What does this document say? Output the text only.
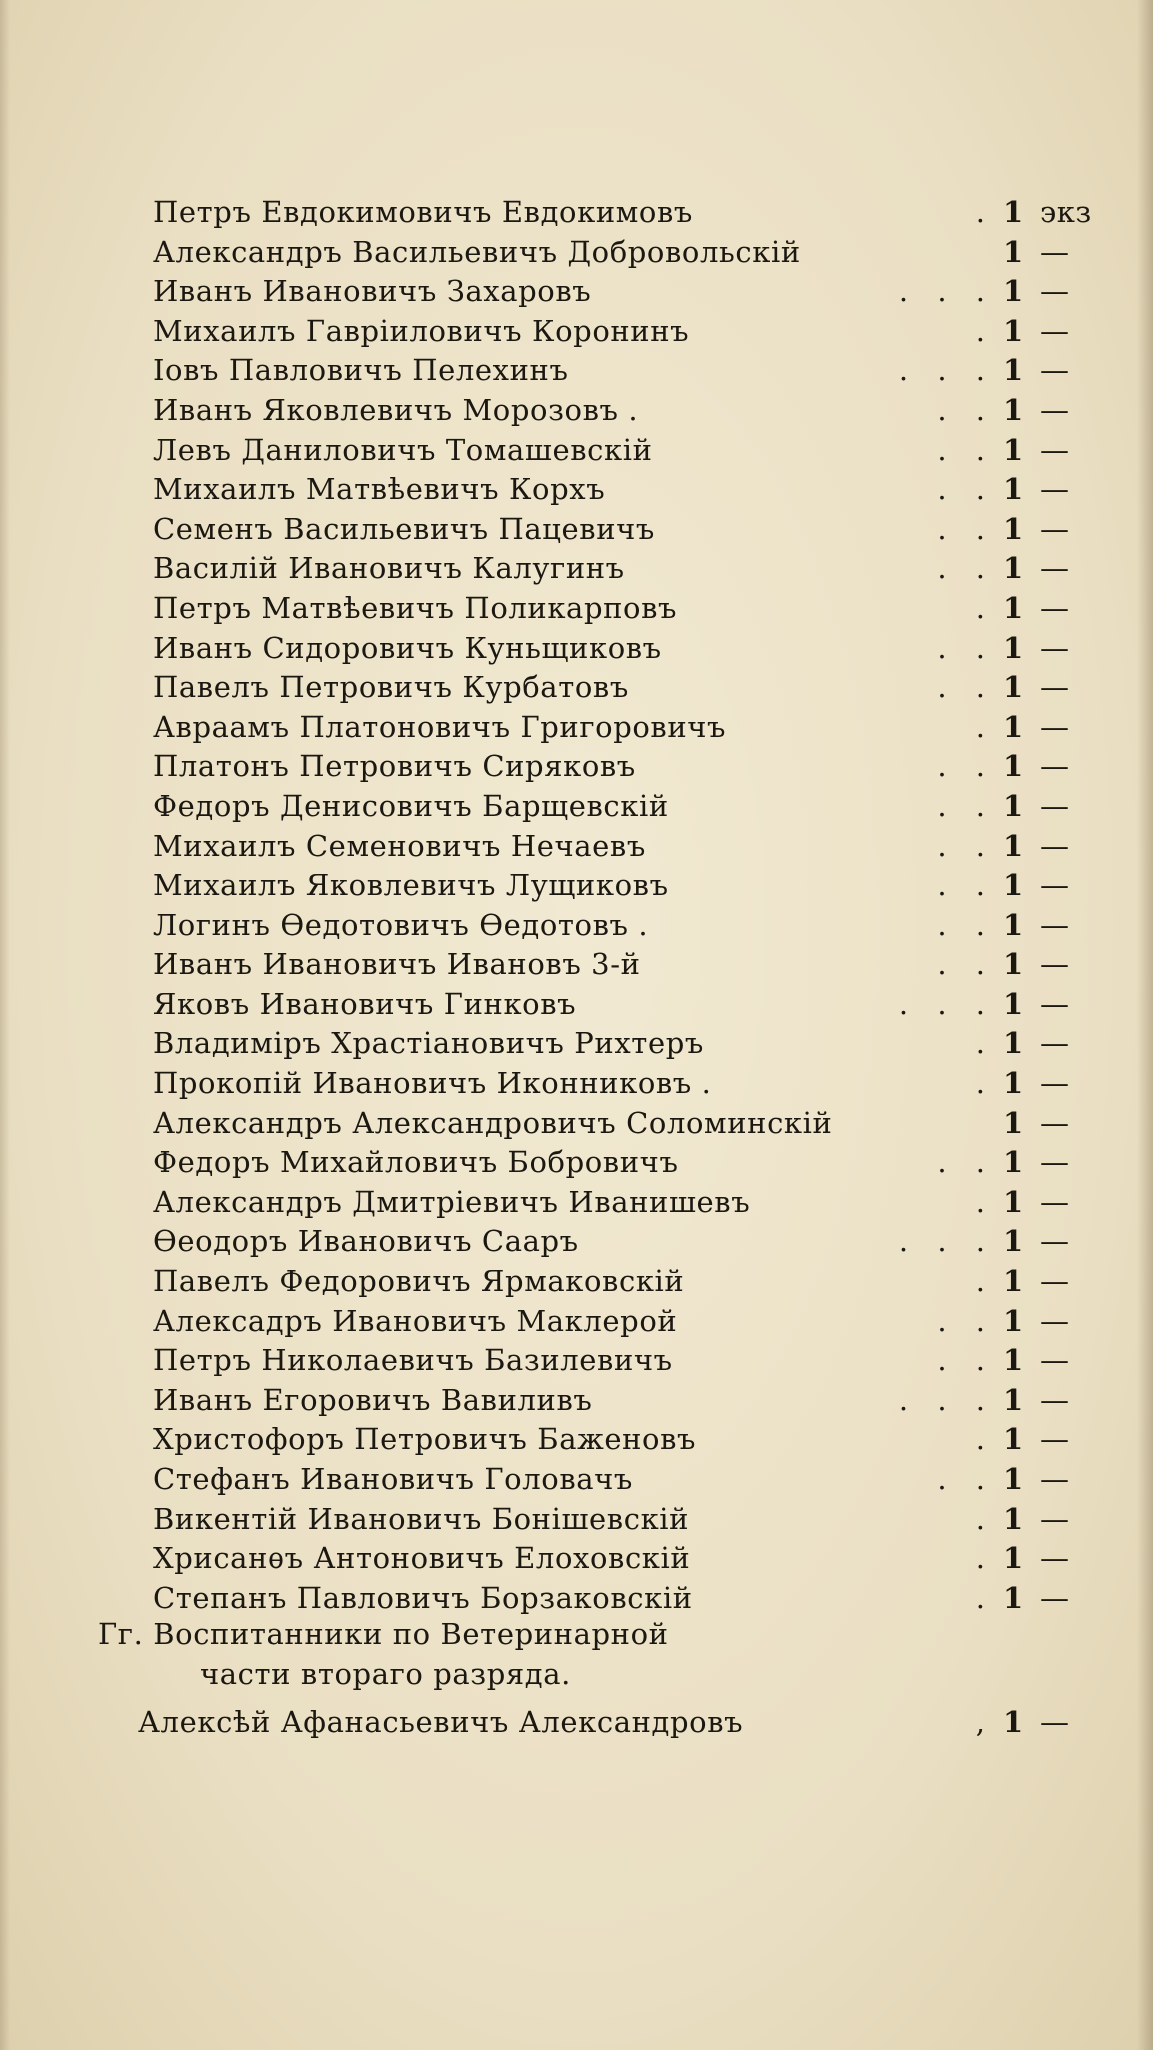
Петръ Евдокимовичъ Евдокимовъ	. 1 экз
Александръ Васильевичъ Добровольскій	1 —
Иванъ Ивановичъ Захаровъ	. . . 1 —
Михаилъ Гавріиловичъ Коронинъ	. 1 —
Іовъ Павловичъ Пелехинъ	. . . 1 —
Иванъ Яковлевичъ Морозовъ .	. . 1 —
Левъ Даниловичъ Томашевскій	. . 1 —
Михаилъ Матвѣевичъ Корхъ	. . 1 —
Семенъ Васильевичъ Пацевичъ	. . 1 —
Василій Ивановичъ Калугинъ	. . 1 —
Петръ Матвѣевичъ Поликарповъ	. 1 —
Иванъ Сидоровичъ Куньщиковъ	. . 1 —
Павелъ Петровичъ Курбатовъ	. . 1 —
Авраамъ Платоновичъ Григоровичъ	. 1 —
Платонъ Петровичъ Сиряковъ	. . 1 —
Федоръ Денисовичъ Барщевскій	. . 1 —
Михаилъ Семеновичъ Нечаевъ	. . 1 —
Михаилъ Яковлевичъ Лущиковъ	. . 1 —
Логинъ Ѳедотовичъ Ѳедотовъ .	. . 1 —
Иванъ Ивановичъ Ивановъ 3-й	. . 1 —
Яковъ Ивановичъ Гинковъ	. . . 1 —
Владиміръ Храстіановичъ Рихтеръ	. 1 —
Прокопій Ивановичъ Иконниковъ .	. 1 —
Александръ Александровичъ Соломинскій	1 —
Федоръ Михайловичъ Бобровичъ	. . 1 —
Александръ Дмитріевичъ Иванишевъ	. 1 —
Ѳеодоръ Ивановичъ Сааръ	. . . 1 —
Павелъ Федоровичъ Ярмаковскій	. 1 —
Алексадръ Ивановичъ Маклерой	. . 1 —
Петръ Николаевичъ Базилевичъ	. . 1 —
Иванъ Егоровичъ Вавиливъ	. . . 1 —
Христофоръ Петровичъ Баженовъ	. 1 —
Стефанъ Ивановичъ Головачъ	. . 1 —
Викентій Ивановичъ Бонішевскій	. 1 —
Хрисанѳъ Антоновичъ Елоховскій	. 1 —
Степанъ Павловичъ Борзаковскій	. 1 —
Гг. Воспитанники по Ветеринарной
части втораго разряда.
Алексѣй Афанасьевичъ Александровъ	, 1 —
